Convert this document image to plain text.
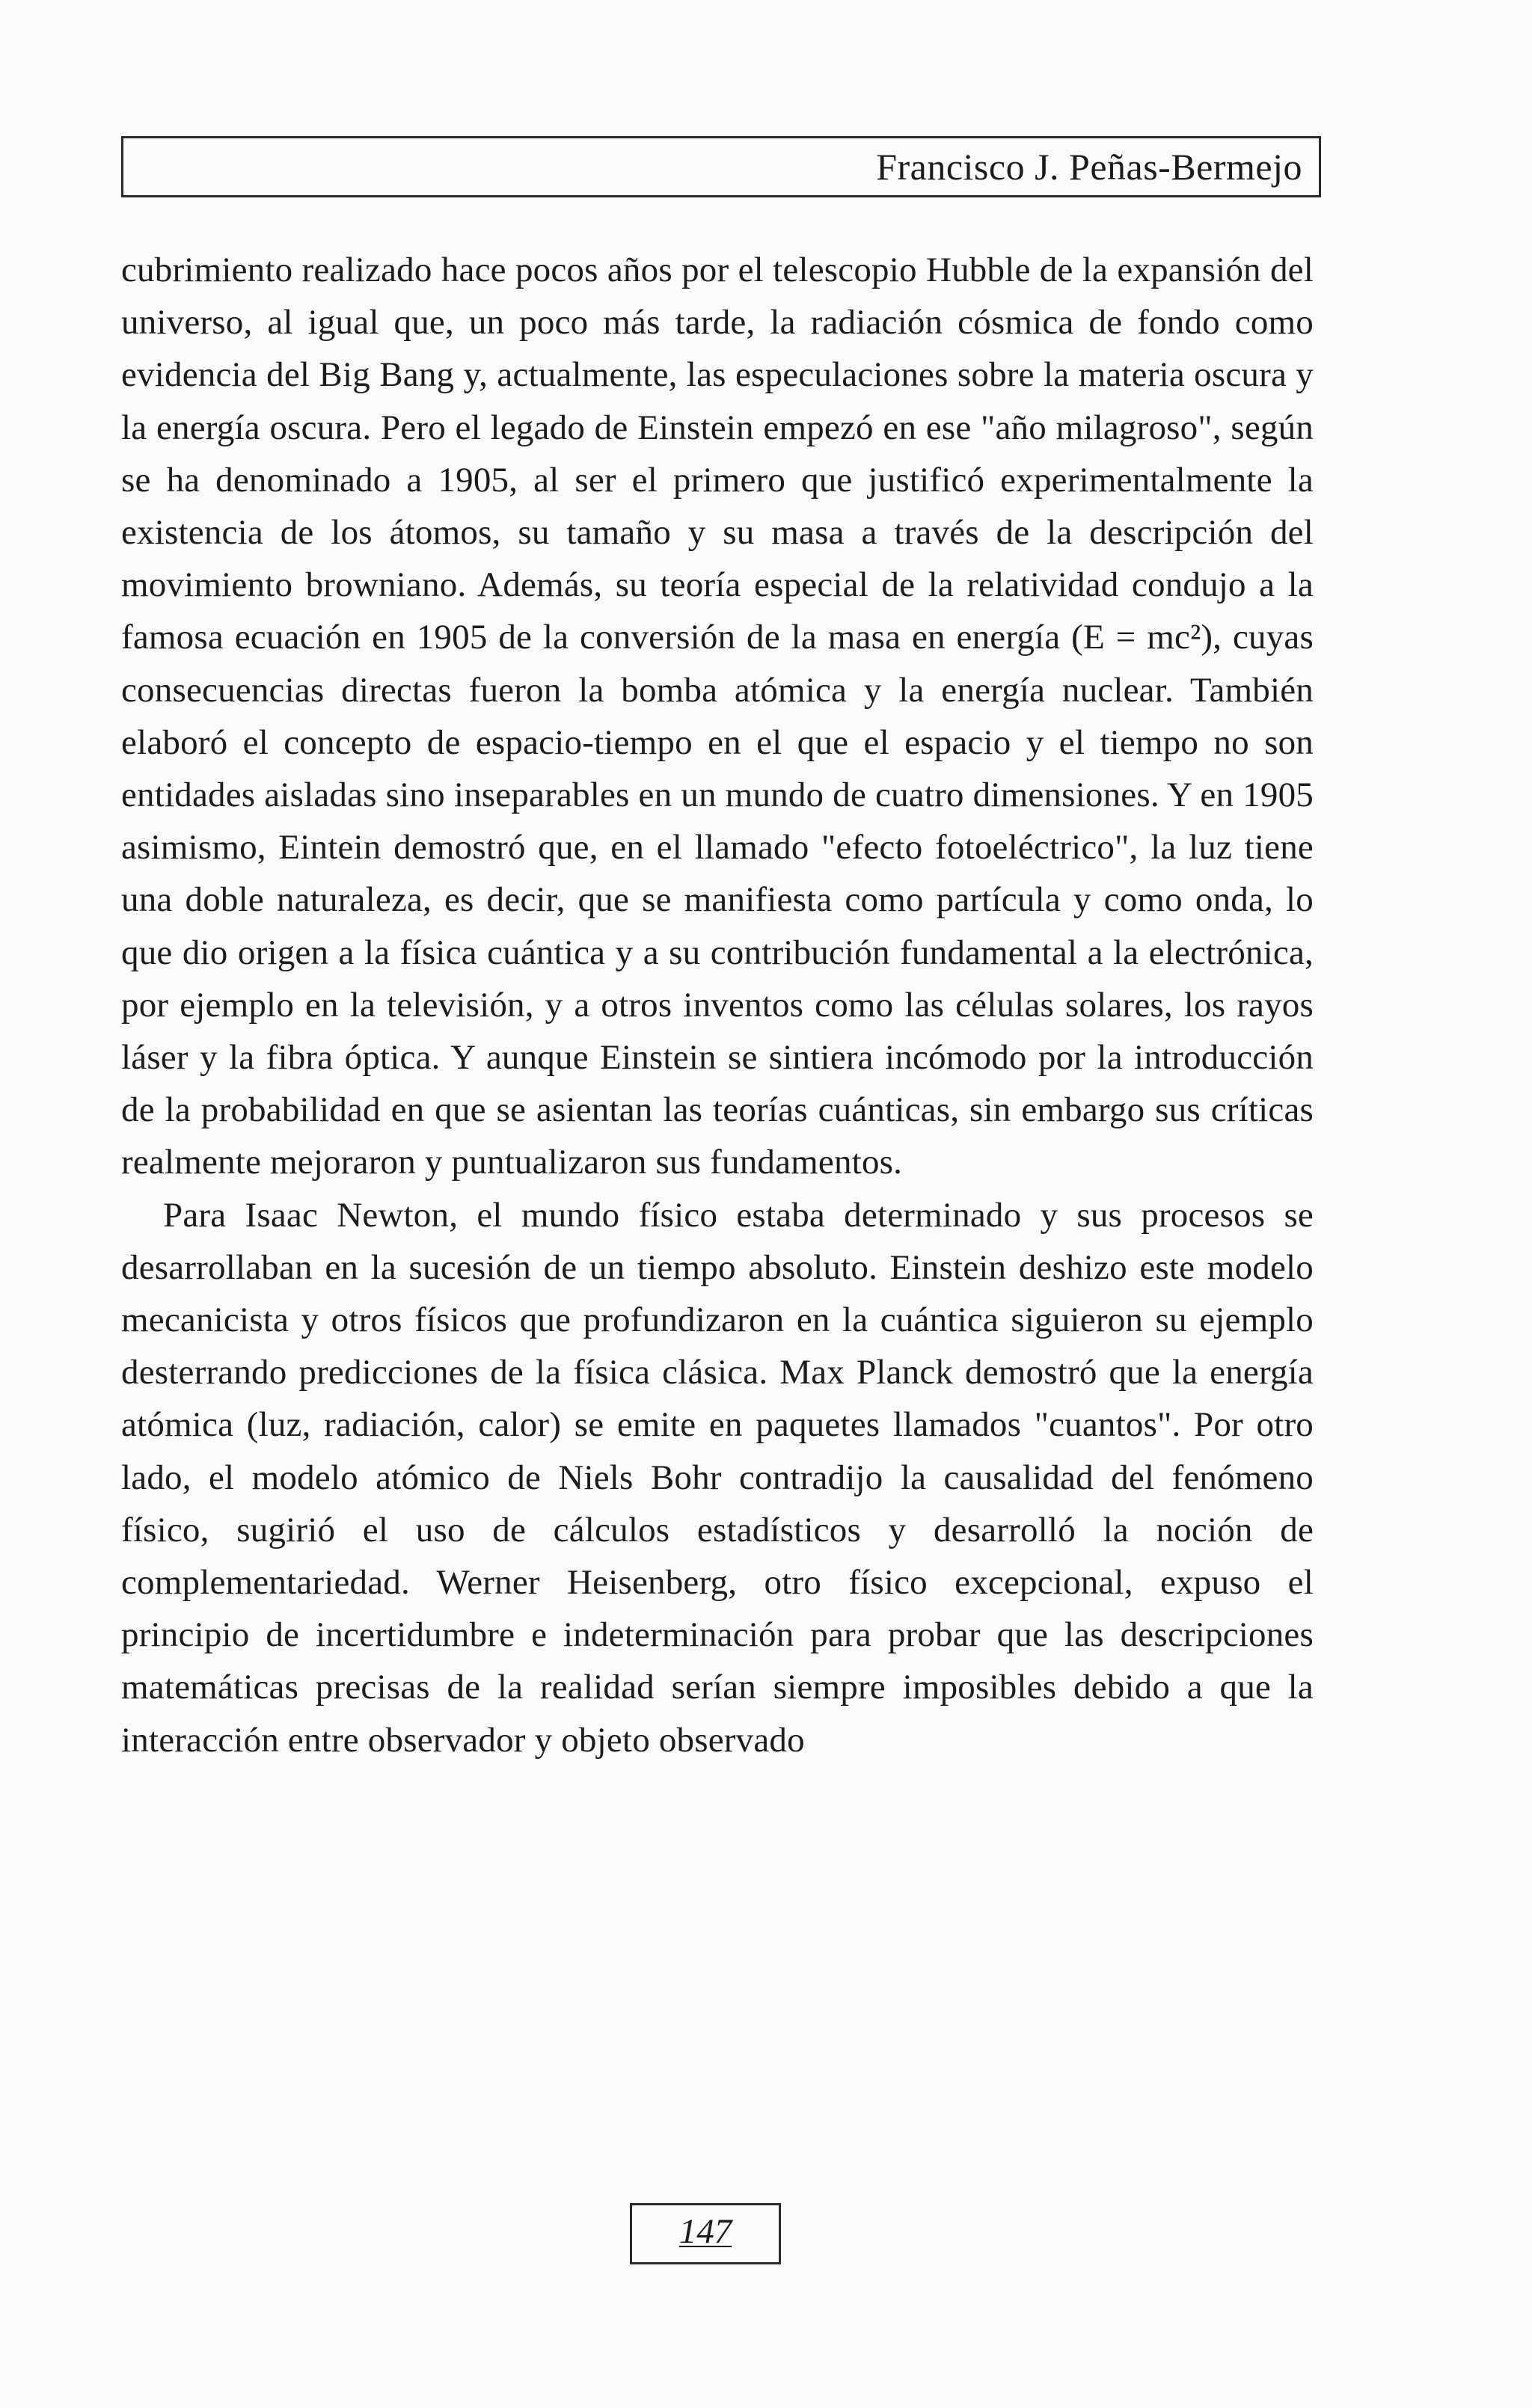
Francisco J. Peñas-Bermejo

cubrimiento realizado hace pocos años por el telescopio Hubble de la expansión del universo, al igual que, un poco más tarde, la radiación cósmica de fondo como evidencia del Big Bang y, actualmente, las especulaciones sobre la materia oscura y la energía oscura. Pero el legado de Einstein empezó en ese "año milagroso", según se ha denominado a 1905, al ser el primero que justificó experimentalmente la existencia de los átomos, su tamaño y su masa a través de la descripción del movimiento browniano. Además, su teoría especial de la relatividad condujo a la famosa ecuación en 1905 de la conversión de la masa en energía (E = mc²), cuyas consecuencias directas fueron la bomba atómica y la energía nuclear. También elaboró el concepto de espacio-tiempo en el que el espacio y el tiempo no son entidades aisladas sino inseparables en un mundo de cuatro dimensiones. Y en 1905 asimismo, Eintein demostró que, en el llamado "efecto fotoeléctrico", la luz tiene una doble naturaleza, es decir, que se manifiesta como partícula y como onda, lo que dio origen a la física cuántica y a su contribución fundamental a la electrónica, por ejemplo en la televisión, y a otros inventos como las células solares, los rayos láser y la fibra óptica. Y aunque Einstein se sintiera incómodo por la introducción de la probabilidad en que se asientan las teorías cuánticas, sin embargo sus críticas realmente mejoraron y puntualizaron sus fundamentos.

Para Isaac Newton, el mundo físico estaba determinado y sus procesos se desarrollaban en la sucesión de un tiempo absoluto. Einstein deshizo este modelo mecanicista y otros físicos que profundizaron en la cuántica siguieron su ejemplo desterrando predicciones de la física clásica. Max Planck demostró que la energía atómica (luz, radiación, calor) se emite en paquetes llamados "cuantos". Por otro lado, el modelo atómico de Niels Bohr contradijo la causalidad del fenómeno físico, sugirió el uso de cálculos estadísticos y desarrolló la noción de complementariedad. Werner Heisenberg, otro físico excepcional, expuso el principio de incertidumbre e indeterminación para probar que las descripciones matemáticas precisas de la realidad serían siempre imposibles debido a que la interacción entre observador y objeto observado

147
